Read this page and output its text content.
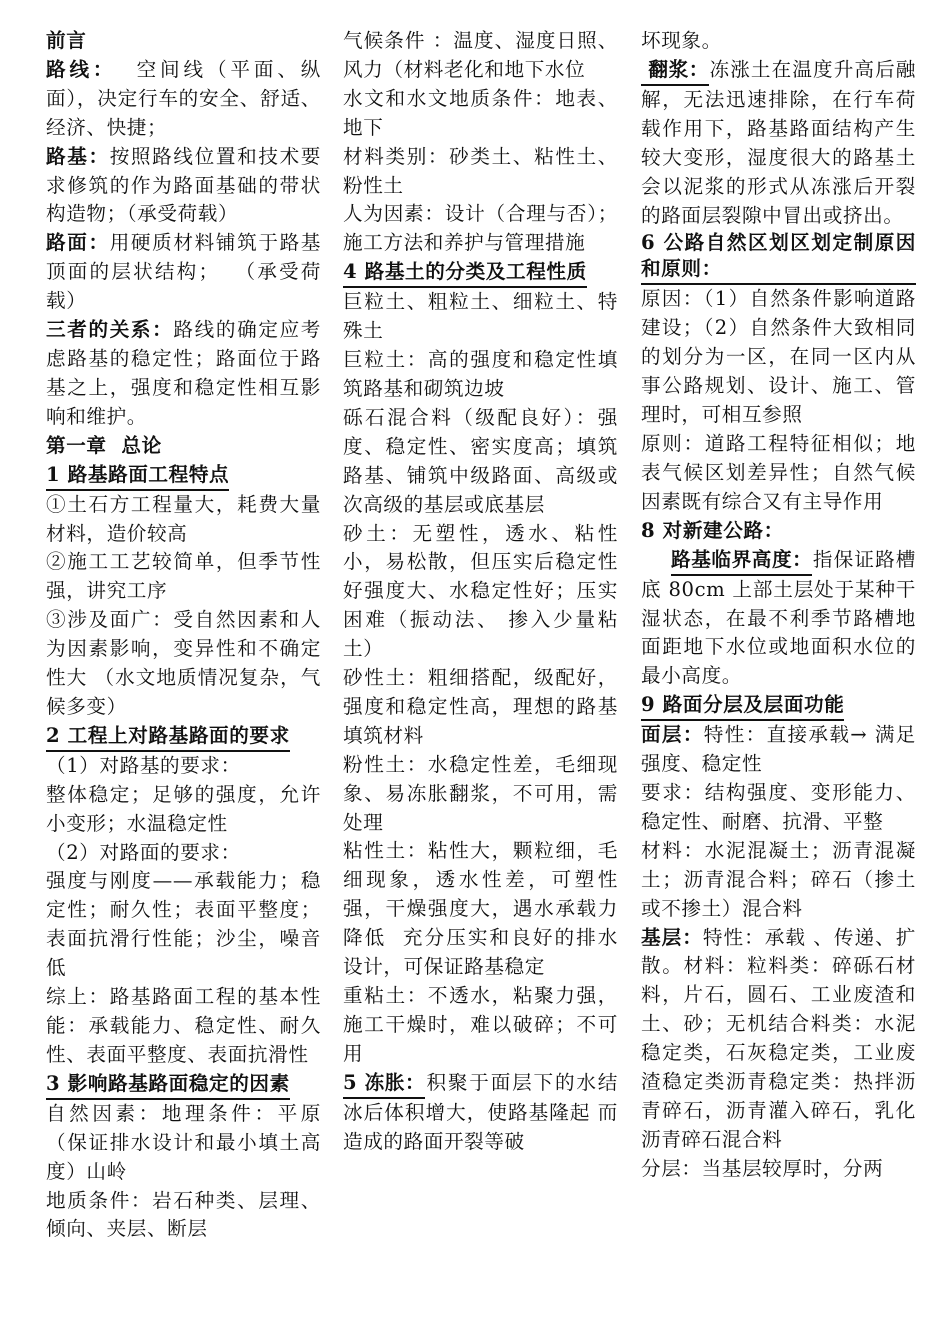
前言
路线：  空间线（平面、纵面），决定行车的安全、舒适、经济、快捷；
路基：按照路线位置和技术要求修筑的作为路面基础的带状构造物；（承受荷载）
路面：用硬质材料铺筑于路基顶面的层状结构；  （承受荷载）
三者的关系：路线的确定应考虑路基的稳定性；路面位于路基之上，强度和稳定性相互影响和维护。
第一章  总论
1 路基路面工程特点
①土石方工程量大，耗费大量材料，造价较高
②施工工艺较简单，但季节性强，讲究工序
③涉及面广：受自然因素和人为因素影响，变异性和不确定性大 （水文地质情况复杂，气候多变）
2 工程上对路基路面的要求
（1）对路基的要求：
整体稳定；足够的强度，允许小变形；水温稳定性
（2）对路面的要求：
强度与刚度——承载能力；稳定性；耐久性；表面平整度；表面抗滑行性能；沙尘，噪音低
综上：路基路面工程的基本性能：承载能力、稳定性、耐久性、表面平整度、表面抗滑性
3 影响路基路面稳定的因素
自然因素：地理条件：平原（保证排水设计和最小填土高度）山岭
地质条件：岩石种类、层理、倾向、夹层、断层
气候条件 ：温度、湿度日照、风力（材料老化和地下水位
水文和水文地质条件：地表、地下
材料类别：砂类土、粘性土、粉性土
人为因素：设计（合理与否）；施工方法和养护与管理措施
4 路基土的分类及工程性质
巨粒土、粗粒土、细粒土、特殊土
巨粒土：高的强度和稳定性填筑路基和砌筑边坡
砾石混合料（级配良好）：强度、稳定性、密实度高；填筑路基、铺筑中级路面、高级或次高级的基层或底基层
砂土：无塑性，透水、粘性小，易松散，但压实后稳定性好强度大、水稳定性好；压实困难（振动法、 掺入少量粘土）
砂性土：粗细搭配，级配好，强度和稳定性高，理想的路基填筑材料
粉性土：水稳定性差，毛细现象、易冻胀翻浆，不可用，需处理
粘性土：粘性大，颗粒细，毛细现象，透水性差，可塑性强，干燥强度大，遇水承载力降低  充分压实和良好的排水设计，可保证路基稳定
重粘土：不透水，粘聚力强，施工干燥时，难以破碎；不可用
5 冻胀：积聚于面层下的水结冰后体积增大，使路基隆起 而造成的路面开裂等破
坏现象。
翻浆：冻涨土在温度升高后融解，无法迅速排除，在行车荷载作用下，路基路面结构产生较大变形，湿度很大的路基土会以泥浆的形式从冻涨后开裂的路面层裂隙中冒出或挤出。
6 公路自然区划区划定制原因和原则：
原因：（1）自然条件影响道路建设；（2）自然条件大致相同的划分为一区，在同一区内从事公路规划、设计、施工、管理时，可相互参照
原则：道路工程特征相似；地表气候区划差异性；自然气候因素既有综合又有主导作用
8 对新建公路：
路基临界高度：指保证路槽底 80cm 上部土层处于某种干湿状态，在最不利季节路槽地面距地下水位或地面积水位的最小高度。
9 路面分层及层面功能
面层：特性：直接承载→ 满足强度、稳定性
要求：结构强度、变形能力、稳定性、耐磨、抗滑、平整
材料：水泥混凝土；沥青混凝土；沥青混合料；碎石（掺土或不掺土）混合料
基层：特性：承载 、传递、扩散。材料：粒料类：碎砾石材料，片石，圆石、工业废渣和土、砂；无机结合料类：水泥稳定类，石灰稳定类，工业废渣稳定类沥青稳定类：热拌沥青碎石，沥青灌入碎石，乳化沥青碎石混合料
分层：当基层较厚时，分两
